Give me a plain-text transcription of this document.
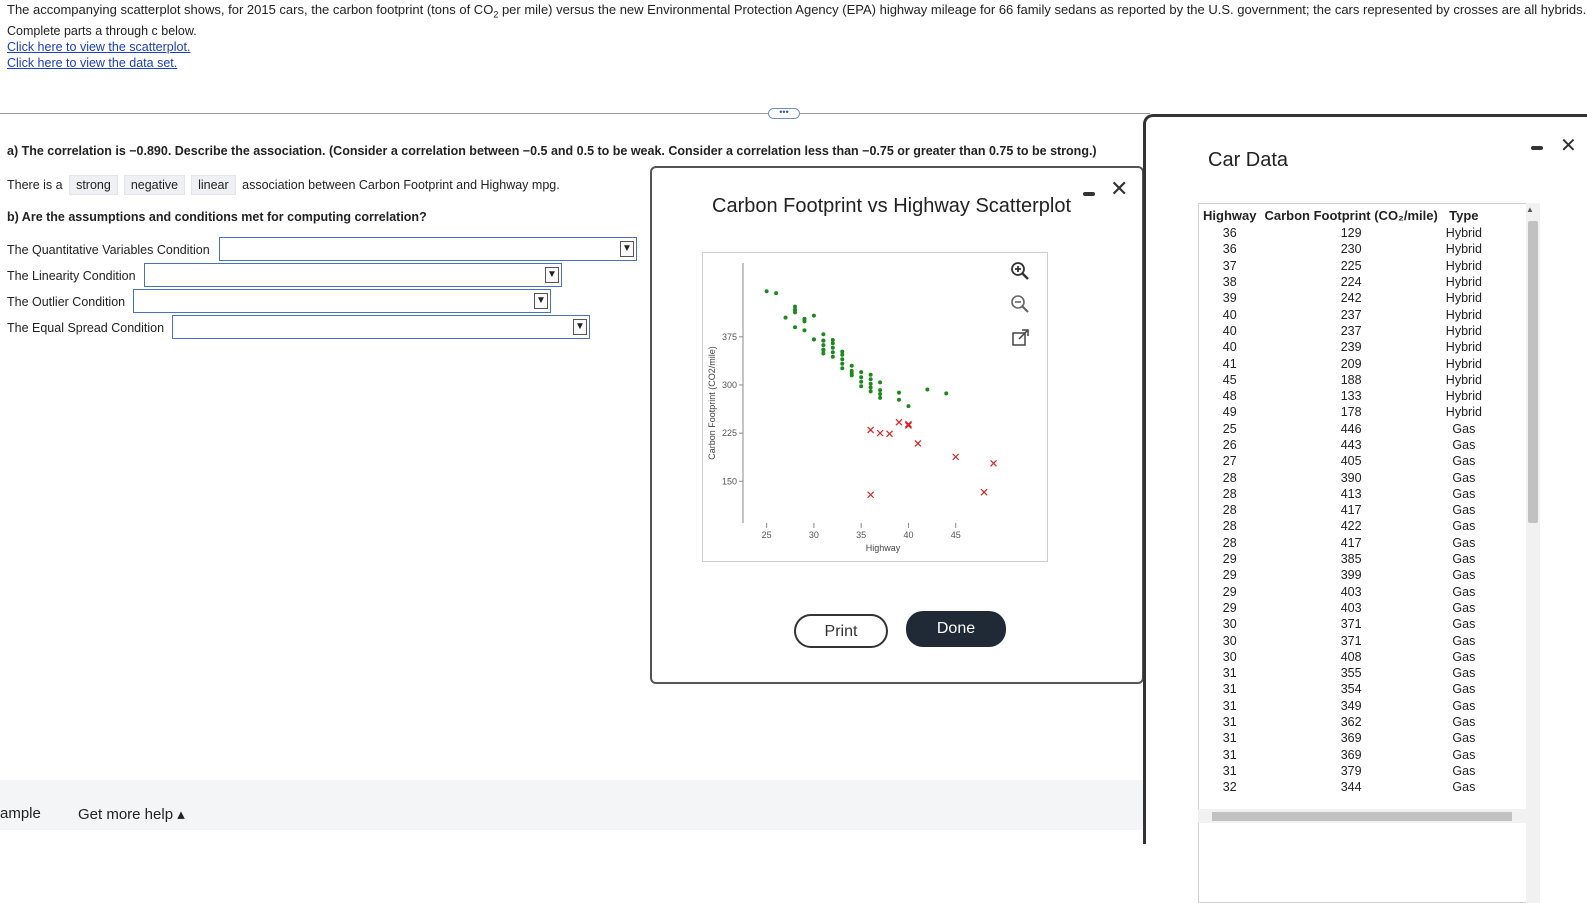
The accompanying scatterplot shows, for 2015 cars, the carbon footprint (tons of $CO_2$ per mile) versus the new Environmental Protection Agency (EPA) highway mileage for 66 family sedans as reported by the U.S. government; the cars represented by crosses are all hybrids.
Complete parts a through c below.
Click here to view the scatterplot.
Click here to view the data set.
•••
a) The correlation is −0.890. Describe the association. (Consider a correlation between −0.5 and 0.5 to be weak. Consider a correlation less than −0.75 or greater than 0.75 to be strong.)
There is a strong negative linear association between Carbon Footprint and Highway mpg.
b) Are the assumptions and conditions met for computing correlation?
The Quantitative Variables Condition	▼
The Linearity Condition	▼
The Outlier Condition	▼
The Equal Spread Condition	▼
ample Get more help ▴
Carbon Footprint vs Highway Scatterplot
✕
25	30	35	40	45
150
225
300
375
Highway
Carbon Footprint (CO2/mile)
Print	Done
Car Data
✕
Highway	Carbon Footprint (CO₂/mile)	Type
36	129	Hybrid
36	230	Hybrid
37	225	Hybrid
38	224	Hybrid
39	242	Hybrid
40	237	Hybrid
40	237	Hybrid
40	239	Hybrid
41	209	Hybrid
45	188	Hybrid
48	133	Hybrid
49	178	Hybrid
25	446	Gas
26	443	Gas
27	405	Gas
28	390	Gas
28	413	Gas
28	417	Gas
28	422	Gas
28	417	Gas
29	385	Gas
29	399	Gas
29	403	Gas
29	403	Gas
30	371	Gas
30	371	Gas
30	408	Gas
31	355	Gas
31	354	Gas
31	349	Gas
31	362	Gas
31	369	Gas
31	369	Gas
31	379	Gas
32	344	Gas
▲
